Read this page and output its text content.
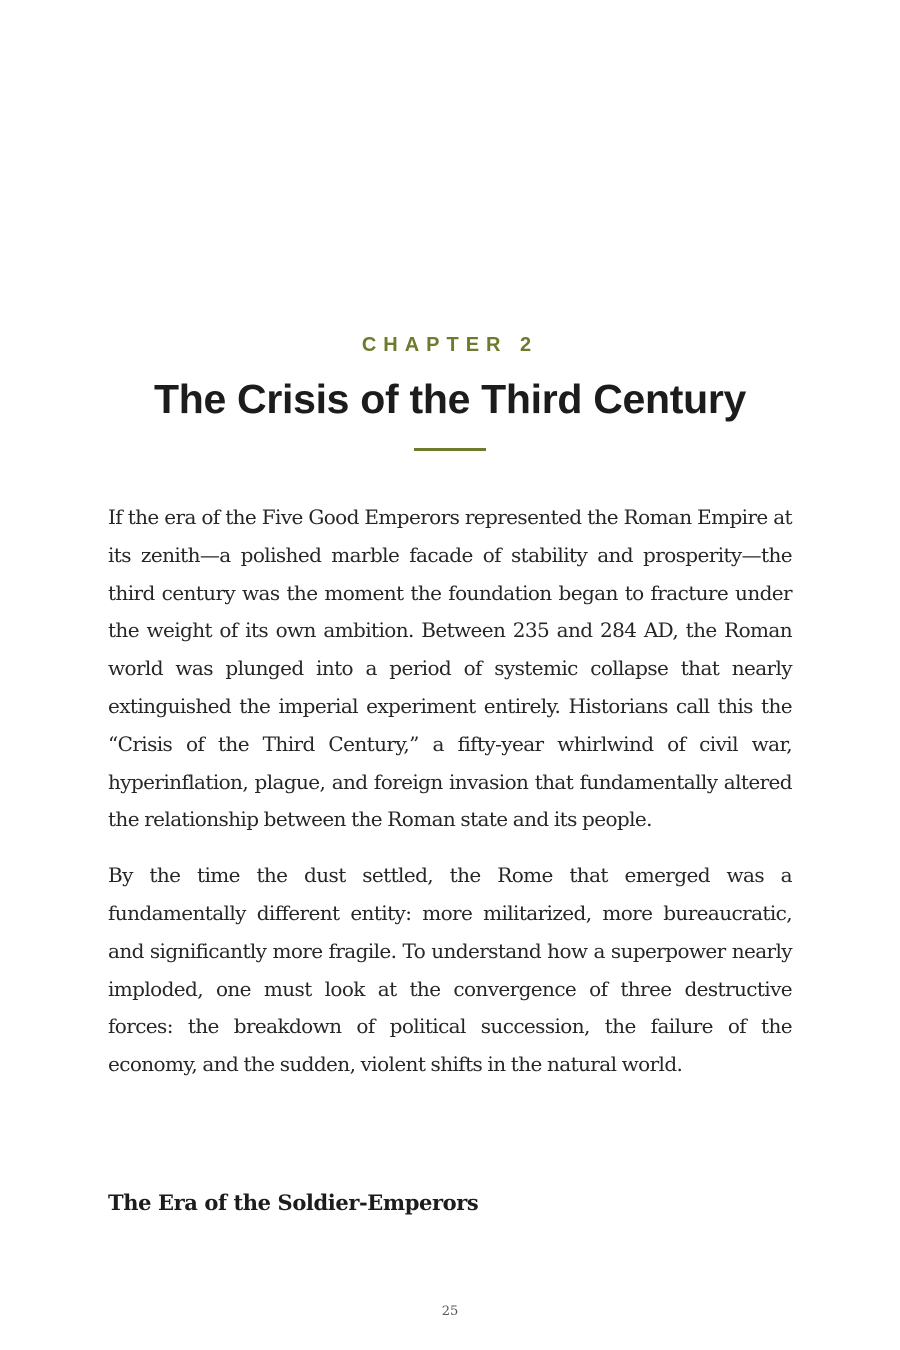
CHAPTER 2
The Crisis of the Third Century

If the era of the Five Good Emperors represented the Roman Empire at its zenith—a polished marble facade of stability and prosperity—the third century was the moment the foundation began to fracture under the weight of its own ambition. Between 235 and 284 AD, the Roman world was plunged into a period of systemic collapse that nearly extinguished the imperial experiment entirely. Historians call this the “Crisis of the Third Century,” a fifty-year whirlwind of civil war, hyperinflation, plague, and foreign invasion that fundamentally altered the relationship between the Roman state and its people.

By the time the dust settled, the Rome that emerged was a fundamentally different entity: more militarized, more bureaucratic, and significantly more fragile. To understand how a superpower nearly imploded, one must look at the convergence of three destructive forces: the breakdown of political succession, the failure of the economy, and the sudden, violent shifts in the natural world.

The Era of the Soldier-Emperors
25
